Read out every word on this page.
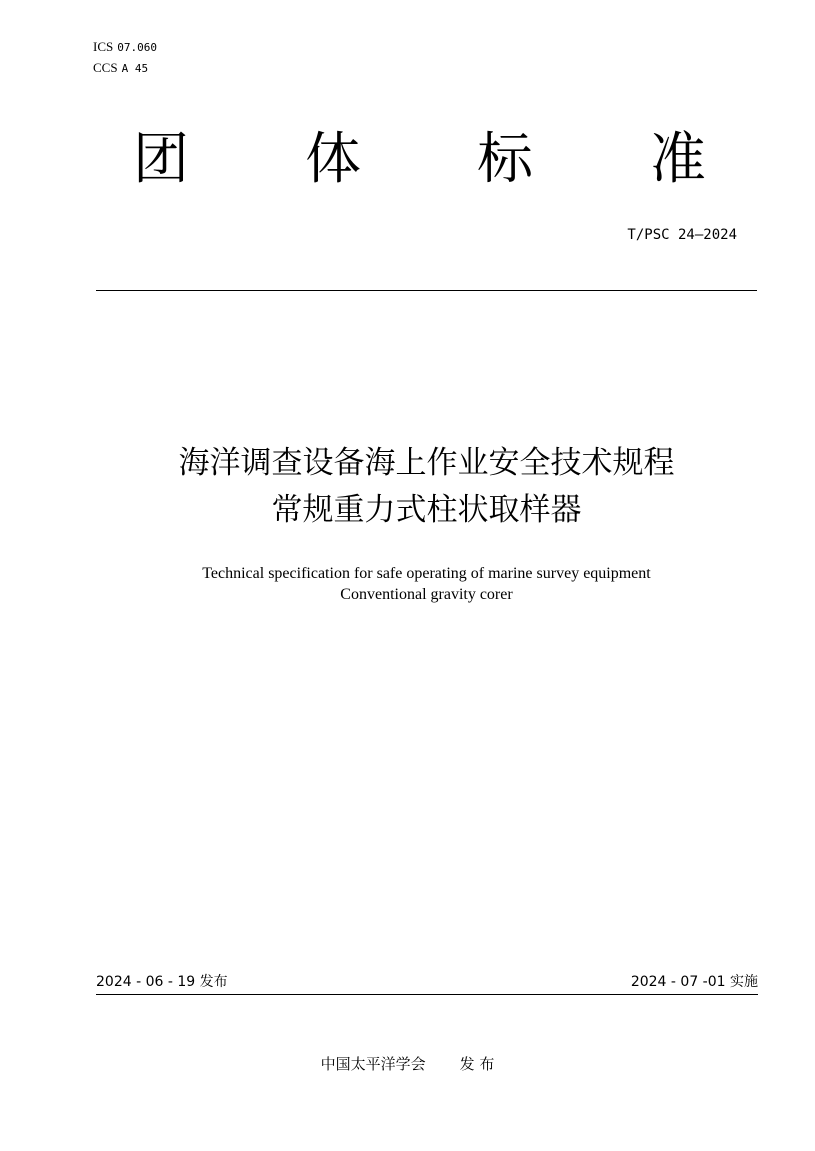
ICS 07.060
CCS A 45
团 体 标 准
T/PSC 24—2024
海洋调查设备海上作业安全技术规程
常规重力式柱状取样器
Technical specification for safe operating of marine survey equipment
Conventional gravity corer
2024 - 06 - 19 发布	2024 - 07 -01 实施
中国太平洋学会 发 布
